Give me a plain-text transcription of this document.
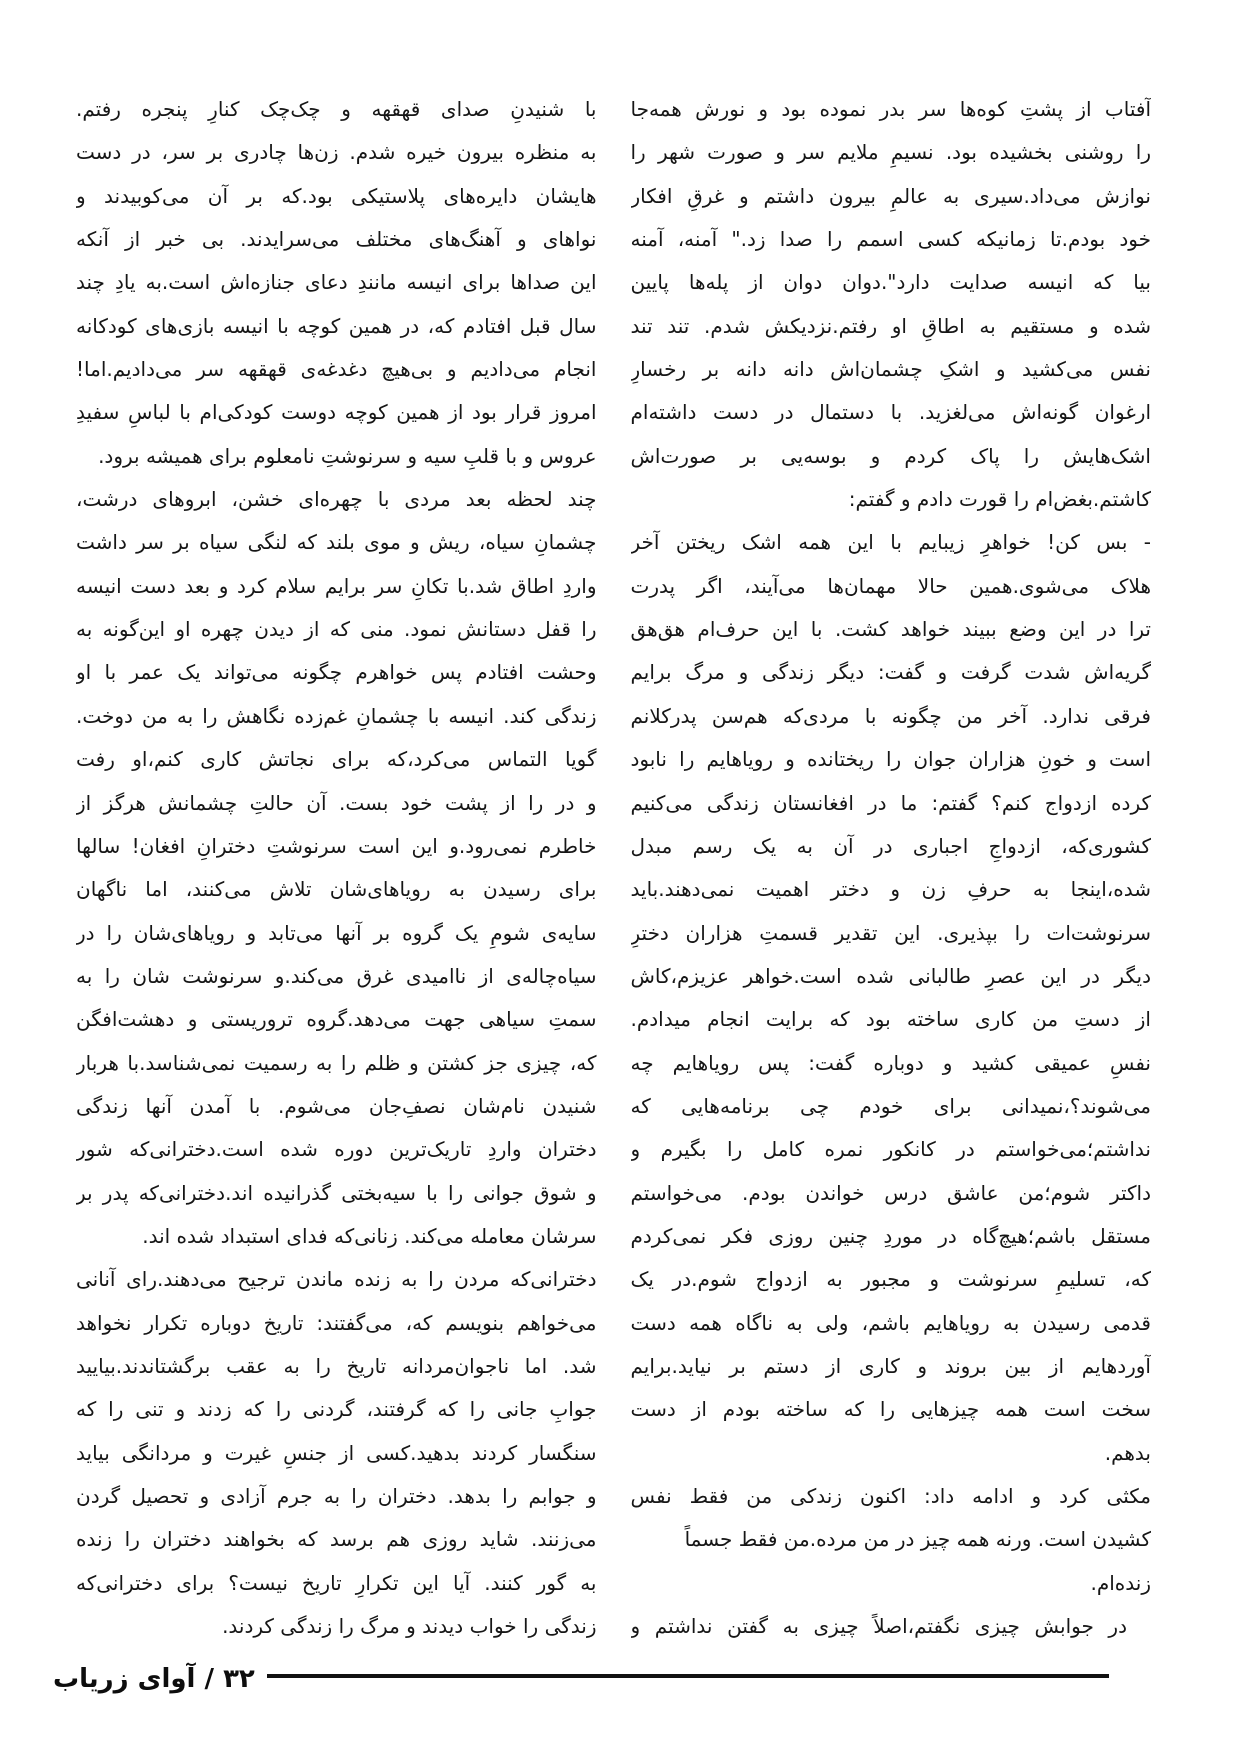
آفتاب از پشتِ کوه‌ها سر بدر نموده بود و نورش همه‌جا
را روشنی بخشیده بود. نسیمِ ملایم سر و صورت شهر را
نوازش می‌داد.سیری به عالمِ بیرون داشتم و غرقِ افکار
خود بودم.تا زمانیکه کسی اسمم را صدا زد." آمنه، آمنه
بیا که انیسه صدایت دارد".دوان دوان از پله‌ها پایین
شده و مستقیم به اطاقِ او رفتم.نزدیکش شدم. تند تند
نفس می‌کشید و اشکِ چشمان‌اش دانه دانه بر رخسارِ
ارغوان گونه‌اش می‌لغزید. با دستمال در دست داشته‌ام
اشک‌هایش را پاک کردم و بوسه‌یی بر صورت‌اش
کاشتم.بغض‌ام را قورت دادم و گفتم:
- بس کن! خواهرِ زیبایم با این همه اشک ریختن آخر
هلاک می‌شوی.همین حالا مهمان‌ها می‌آیند، اگر پدرت
ترا در این وضع ببیند خواهد کشت. با این حرف‌ام هق‌هق
گریه‌اش شدت گرفت و گفت: دیگر زندگی و مرگ برایم
فرقی ندارد. آخر من چگونه با مردی‌که هم‌سن پدرکلانم
است و خونِ هزاران جوان را ریختانده و رویاهایم را نابود
کرده ازدواج کنم؟ گفتم: ما در افغانستان زندگی می‌کنیم
کشوری‌که، ازدواجِ اجباری در آن به یک رسم مبدل
شده،اینجا به حرفِ زن و دختر اهمیت نمی‌دهند.باید
سرنوشت‌ات را بپذیری. این تقدیر قسمتِ هزاران دخترِ
دیگر در این عصرِ طالبانی شده است.خواهر عزیزم،کاش
از دستِ من کاری ساخته بود که برایت انجام میدادم.
نفسِ عمیقی کشید و دوباره گفت: پس رویاهایم چه
می‌شوند؟،نمیدانی برای خودم چی برنامه‌هایی که
نداشتم؛می‌خواستم در کانکور نمره کامل را بگیرم و
داکتر شوم؛من عاشق درس خواندن بودم. می‌خواستم
مستقل باشم؛هیچ‌گاه در موردِ چنین روزی فکر نمی‌کردم
که، تسلیمِ سرنوشت و مجبور به ازدواج شوم.در یک
قدمی رسیدن به رویاهایم باشم، ولی به ناگاه همه دست
آوردهایم از بین بروند و کاری از دستم بر نیاید.برایم
سخت است همه چیزهایی را که ساخته بودم از دست
بدهم.
مکثی کرد و ادامه داد: اکنون زندکی من فقط نفس
کشیدن است. ورنه همه چیز در من مرده.من فقط جسماً
زنده‌ام.
در جوابش چیزی نگفتم،اصلاً چیزی به گفتن نداشتم و
با شنیدنِ صدای قهقهه و چک‌چک کنارِ پنجره رفتم.
به منظره بیرون خیره شدم. زن‌ها چادری بر سر، در دست
هایشان دایره‌های پلاستیکی بود.که بر آن می‌کوبیدند و
نواهای و آهنگ‌های مختلف می‌سرایدند. بی خبر از آنکه
این صداها برای انیسه مانندِ دعای جنازه‌اش است.به یادِ چند
سال قبل افتادم که، در همین کوچه با انیسه بازی‌های کودکانه
انجام می‌دادیم و بی‌هیچ دغدغه‌ی قهقهه سر می‌دادیم.اما!
امروز قرار بود از همین کوچه دوست کودکی‌ام با لباسِ سفیدِ
عروس و با قلبِ سیه و سرنوشتِ نامعلوم برای همیشه برود.
چند لحظه بعد مردی با چهره‌ای خشن، ابروهای درشت،
چشمانِ سیاه، ریش و موی بلند که لنگی سیاه بر سر داشت
واردِ اطاق شد.با تکانِ سر برایم سلام کرد و بعد دست انیسه
را قفل دستانش نمود. منی که از دیدن چهره او این‌گونه به
وحشت افتادم پس خواهرم چگونه می‌تواند یک عمر با او
زندگی کند. انیسه با چشمانِ غم‌زده نگاهش را به من دوخت.
گویا التماس می‌کرد،که برای نجاتش کاری کنم،او رفت
و در را از پشت خود بست. آن حالتِ چشمانش هرگز از
خاطرم نمی‌رود.و این است سرنوشتِ دخترانِ افغان! سالها
برای رسیدن به رویاهای‌شان تلاش می‌کنند، اما ناگهان
سایه‌ی شومِ یک گروه بر آنها می‌تابد و رویاهای‌شان را در
سیاه‌چاله‌ی از ناامیدی غرق می‌کند.و سرنوشت شان را به
سمتِ سیاهی جهت می‌دهد.گروه تروریستی و دهشت‌افگن
که، چیزی جز کشتن و ظلم را به رسمیت نمی‌شناسد.با هربار
شنیدن نام‌شان نصفِ‌جان می‌شوم. با آمدن آنها زندگی
دختران واردِ تاریک‌ترین دوره شده است.دخترانی‌که شور
و شوق جوانی را با سیه‌بختی گذرانیده اند.دخترانی‌که پدر بر
سرشان معامله می‌کند. زنانی‌که فدای استبداد شده اند.
دخترانی‌که مردن را به زنده ماندن ترجیح می‌دهند.رای آنانی
می‌خواهم بنویسم که، می‌گفتند: تاریخ دوباره تکرار نخواهد
شد. اما ناجوان‌مردانه تاریخ را به عقب برگشتاندند.بیایید
جوابِ جانی را که گرفتند، گردنی را که زدند و تنی را که
سنگسار کردند بدهید.کسی از جنسِ غیرت و مردانگی بیاید
و جوابم را بدهد. دختران را به جرم آزادی و تحصیل گردن
می‌زنند. شاید روزی هم برسد که بخواهند دختران را زنده
به گور کنند. آیا این تکرارِ تاریخ نیست؟ برای دخترانی‌که
زندگی را خواب دیدند و مرگ را زندگی کردند.
۳۲ / آوای زریاب
